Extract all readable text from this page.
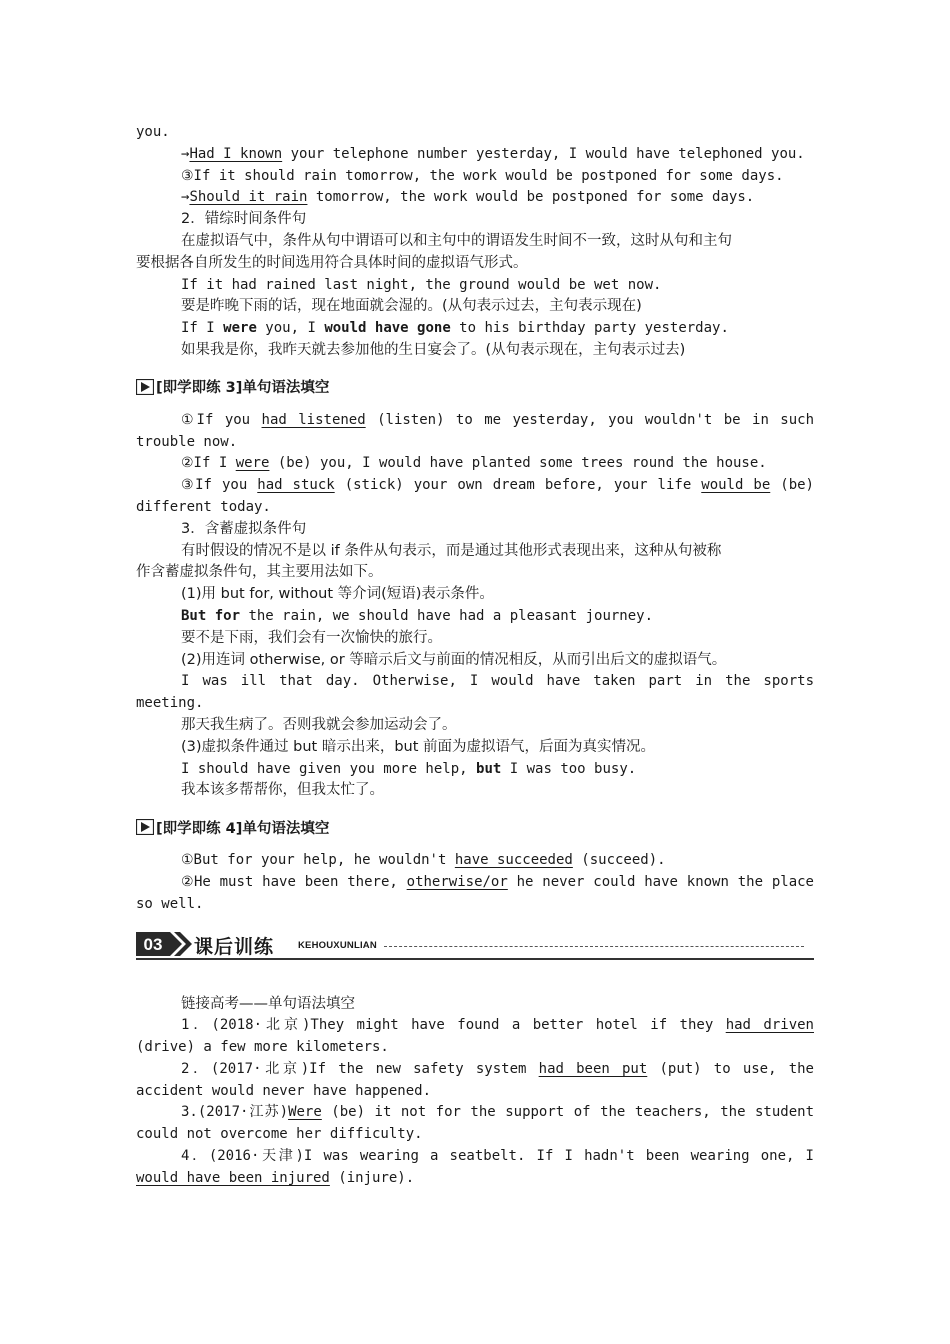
you.
→Had I known your telephone number yesterday, I would have telephoned you.
③If it should rain tomorrow, the work would be postponed for some days.
→Should it rain tomorrow, the work would be postponed for some days.
2．错综时间条件句
在虚拟语气中，条件从句中谓语可以和主句中的谓语发生时间不一致，这时从句和主句
要根据各自所发生的时间选用符合具体时间的虚拟语气形式。
If it had rained last night, the ground would be wet now.
要是昨晚下雨的话，现在地面就会湿的。(从句表示过去，主句表示现在)
If I were you, I would have gone to his birthday party yesterday.
如果我是你，我昨天就去参加他的生日宴会了。(从句表示现在，主句表示过去)
[即学即练 3]单句语法填空
①If you had listened (listen) to me yesterday, you wouldn't be in such
trouble now.
②If I were (be) you, I would have planted some trees round the house.
③If you had stuck (stick) your own dream before, your life would be (be)
different today.
3．含蓄虚拟条件句
有时假设的情况不是以 if 条件从句表示，而是通过其他形式表现出来，这种从句被称
作含蓄虚拟条件句，其主要用法如下。
(1)用 but for, without 等介词(短语)表示条件。
But for the rain, we should have had a pleasant journey.
要不是下雨，我们会有一次愉快的旅行。
(2)用连词 otherwise, or 等暗示后文与前面的情况相反，从而引出后文的虚拟语气。
I was ill that day. Otherwise, I would have taken part in the sports
meeting.
那天我生病了。否则我就会参加运动会了。
(3)虚拟条件通过 but 暗示出来，but 前面为虚拟语气，后面为真实情况。
I should have given you more help, but I was too busy.
我本该多帮帮你，但我太忙了。
[即学即练 4]单句语法填空
①But for your help, he wouldn't have succeeded (succeed).
②He must have been there, otherwise/or he never could have known the place
so well.
03 课后训练	KEHOUXUNLIAN
链接高考——单句语法填空
1．(2018·北京)They might have found a better hotel if they had driven
(drive) a few more kilometers.
2．(2017·北京)If the new safety system had been put (put) to use, the
accident would never have happened.
3.(2017·江苏)Were (be) it not for the support of the teachers, the student
could not overcome her difficulty.
4．(2016·天津)I was wearing a seatbelt. If I hadn't been wearing one, I
would have been injured (injure).
